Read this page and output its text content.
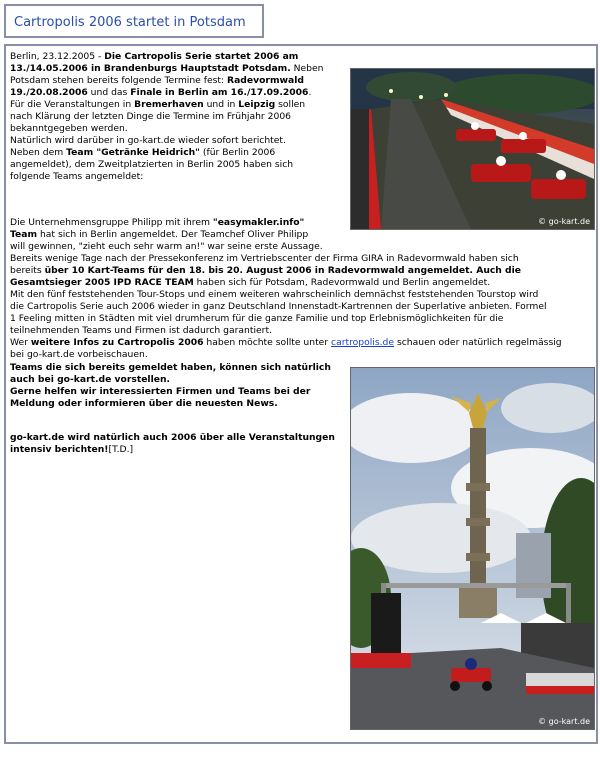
Cartropolis 2006 startet in Potsdam
Berlin, 23.12.2005 - Die Cartropolis Serie startet 2006 am
13./14.05.2006 in Brandenburgs Hauptstadt Potsdam. Neben
Potsdam stehen bereits folgende Termine fest: Radevormwald
19./20.08.2006 und das Finale in Berlin am 16./17.09.2006.
Für die Veranstaltungen in Bremerhaven und in Leipzig sollen
nach Klärung der letzten Dinge die Termine im Frühjahr 2006
bekanntgegeben werden.
Natürlich wird darüber in go-kart.de wieder sofort berichtet.
Neben dem Team "Getränke Heidrich" (für Berlin 2006
angemeldet), dem Zweitplatzierten in Berlin 2005 haben sich
folgende Teams angemeldet:
© go-kart.de
Die Unternehmensgruppe Philipp mit ihrem "easymakler.info"
Team hat sich in Berlin angemeldet. Der Teamchef Oliver Philipp
will gewinnen, "zieht euch sehr warm an!" war seine erste Aussage.
Bereits wenige Tage nach der Pressekonferenz im Vertriebscenter der Firma GIRA in Radevormwald haben sich
bereits über 10 Kart-Teams für den 18. bis 20. August 2006 in Radevormwald angemeldet. Auch die
Gesamtsieger 2005 IPD RACE TEAM haben sich für Potsdam, Radevormwald und Berlin angemeldet.
Mit den fünf feststehenden Tour-Stops und einem weiteren wahrscheinlich demnächst feststehenden Tourstop wird
die Cartropolis Serie auch 2006 wieder in ganz Deutschland Innenstadt-Kartrennen der Superlative anbieten. Formel
1 Feeling mitten in Städten mit viel drumherum für die ganze Familie und top Erlebnismöglichkeiten für die
teilnehmenden Teams und Firmen ist dadurch garantiert.
Wer weitere Infos zu Cartropolis 2006 haben möchte sollte unter cartropolis.de schauen oder natürlich regelmässig
bei go-kart.de vorbeischauen.
Teams die sich bereits gemeldet haben, können sich natürlich
auch bei go-kart.de vorstellen.
Gerne helfen wir interessierten Firmen und Teams bei der
Meldung oder informieren über die neuesten News.
go-kart.de wird natürlich auch 2006 über alle Veranstaltungen
intensiv berichten![T.D.]
© go-kart.de
